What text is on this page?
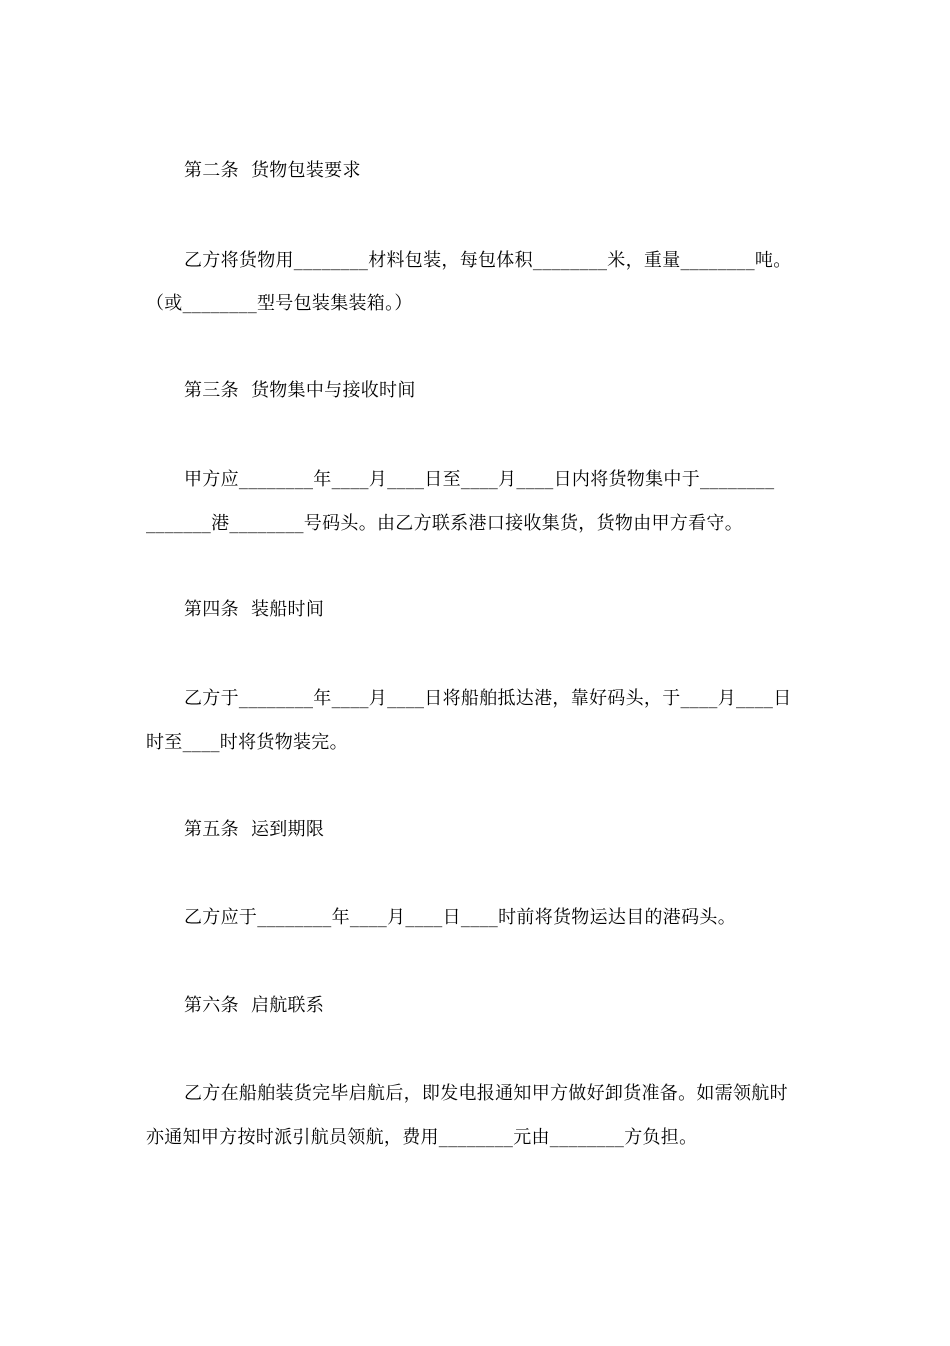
第二条  货物包装要求
乙方将货物用________材料包装，每包体积________米，重量________吨。
（或________型号包装集装箱。）
第三条  货物集中与接收时间
甲方应________年____月____日至____月____日内将货物集中于________
_______港________号码头。由乙方联系港口接收集货，货物由甲方看守。
第四条  装船时间
乙方于________年____月____日将船舶抵达港，靠好码头，于____月____日
时至____时将货物装完。
第五条  运到期限
乙方应于________年____月____日____时前将货物运达目的港码头。
第六条  启航联系
乙方在船舶装货完毕启航后，即发电报通知甲方做好卸货准备。如需领航时
亦通知甲方按时派引航员领航，费用________元由________方负担。
